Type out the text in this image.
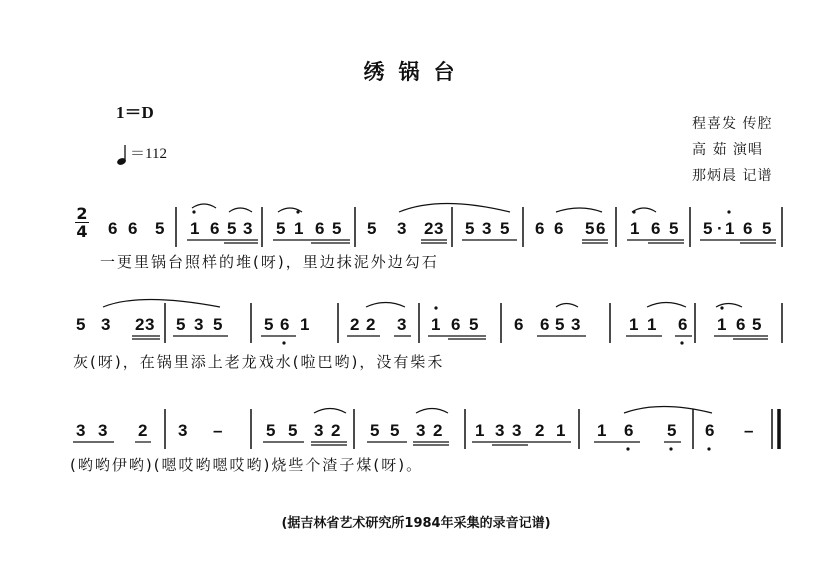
绣锅台
1＝D
＝112
程喜发 传腔
高 茹 演唱
那炳晨 记谱
2
4 6 6 5 1 6 5 3 5 1 6 5 5 3 2 3 5 3 5 6 6 5 6 1 6 5 5 · 1 6 5
5 3 2 3 5 3 5 5 6 1 2 2 3 1 6 5 6 6 5 3	1 1 6 1 6 5
3 3 2 3 –	5 5 3 2 5 5 3 2 1 3 3 2 1 1 6 5 6 –
一更里锅台照样的堆(呀)，里边抹泥外边勾石
灰(呀)，在锅里添上老龙戏水(啦巴哟)，没有柴禾
(哟哟伊哟)(嗯哎哟嗯哎哟)烧些个渣子煤(呀)。
(据吉林省艺术研究所1984年采集的录音记谱)
